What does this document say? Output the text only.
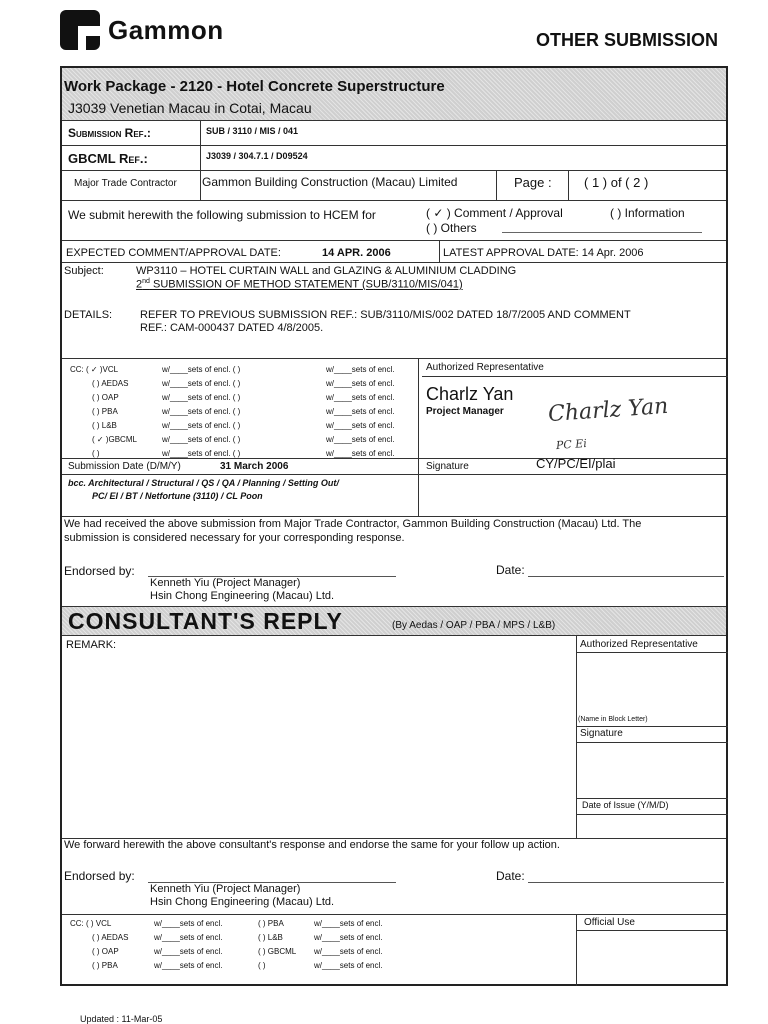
Gammon	OTHER SUBMISSION
Work Package - 2120 - Hotel Concrete Superstructure
J3039 Venetian Macau in Cotai, Macau
Submission Ref.:	SUB / 3110 / MIS / 041
GBCML Ref.:	J3039 / 304.7.1 / D09524
Major Trade Contractor Gammon Building Construction (Macau) Limited	Page : ( 1 ) of ( 2 )
We submit herewith the following submission to HCEM for	( ✓ ) Comment / Approval	( ) Information
( ) Others
EXPECTED COMMENT/APPROVAL DATE:	14 APR. 2006	LATEST APPROVAL DATE: 14 Apr. 2006
Subject:	WP3110 – HOTEL CURTAIN WALL and GLAZING & ALUMINIUM CLADDING
2nd SUBMISSION OF METHOD STATEMENT (SUB/3110/MIS/041)
DETAILS:	REFER TO PREVIOUS SUBMISSION REF.: SUB/3110/MIS/002 DATED 18/7/2005 AND COMMENT
REF.: CAM-000437 DATED 4/8/2005.
CC: ( ✓ )VCL	w/____sets of encl. ( )	w/____sets of encl.
( ) AEDAS	w/____sets of encl. ( )	w/____sets of encl.
( ) OAP	w/____sets of encl. ( )	w/____sets of encl.
( ) PBA	w/____sets of encl. ( )	w/____sets of encl.
( ) L&B	w/____sets of encl. ( )	w/____sets of encl.
( ✓ )GBCML	w/____sets of encl. ( )	w/____sets of encl.
( )	w/____sets of encl. ( )	w/____sets of encl.
Authorized Representative
Charlz Yan
Project Manager Charlz Yan
PC Ei
Submission Date (D/M/Y)	31 March 2006	Signature	CY/PC/EI/plai
bcc. Architectural / Structural / QS / QA / Planning / Setting Out/
PC/ EI / BT / Netfortune (3110) / CL Poon
We had received the above submission from Major Trade Contractor, Gammon Building Construction (Macau) Ltd. The
submission is considered necessary for your corresponding response.
Endorsed by:
Kenneth Yiu (Project Manager)
Hsin Chong Engineering (Macau) Ltd.
Date:
CONSULTANT'S REPLY	(By Aedas / OAP / PBA / MPS / L&B)
REMARK:	Authorized Representative
(Name in Block Letter)
Signature
Date of Issue (Y/M/D)
We forward herewith the above consultant's response and endorse the same for your follow up action.
Endorsed by:
Kenneth Yiu (Project Manager)
Hsin Chong Engineering (Macau) Ltd.
Date:
CC: ( ) VCL	w/____sets of encl.	( ) PBA	w/____sets of encl.
( ) AEDAS	w/____sets of encl.	( ) L&B	w/____sets of encl.
( ) OAP	w/____sets of encl.	( ) GBCML w/____sets of encl.
( ) PBA	w/____sets of encl.	( )	w/____sets of encl.
Official Use
Updated : 11-Mar-05
